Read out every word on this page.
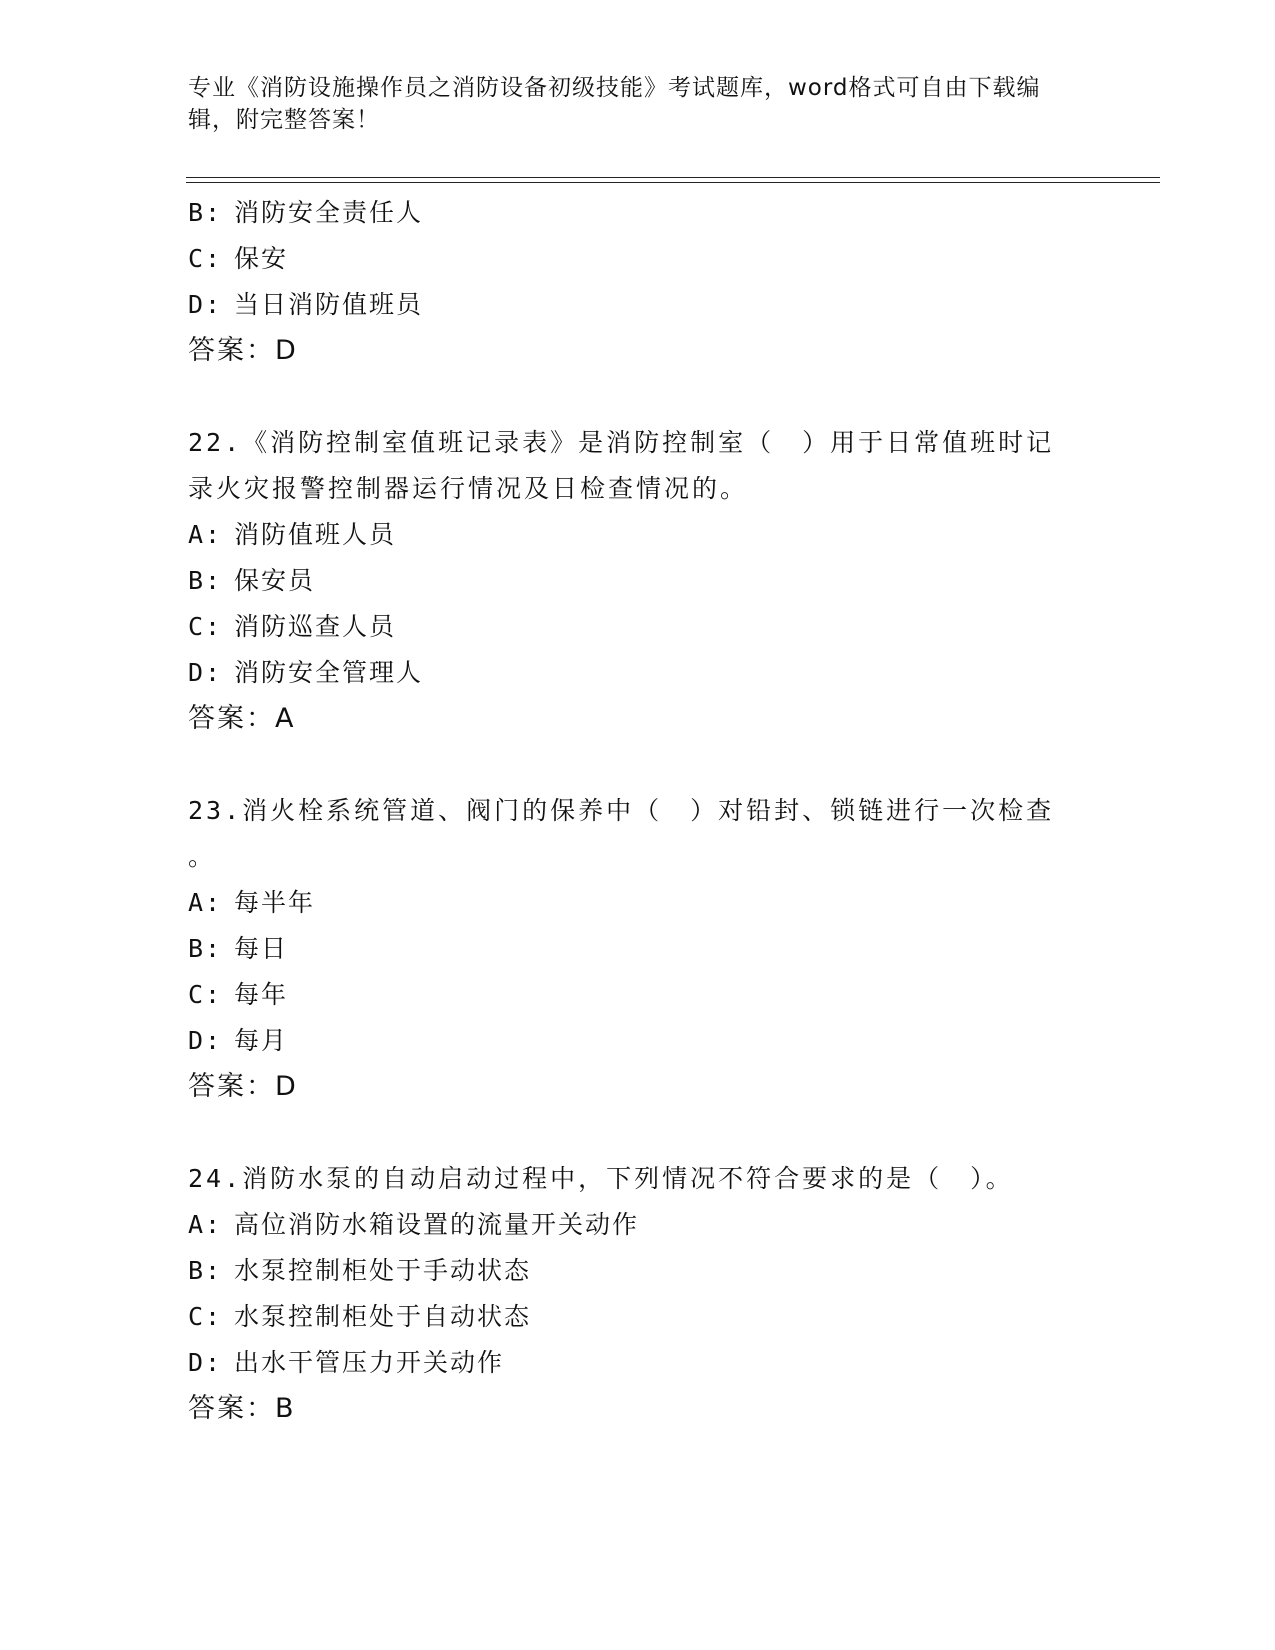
专业《消防设施操作员之消防设备初级技能》考试题库，word格式可自由下载编
辑，附完整答案！
B: 消防安全责任人
C: 保安
D: 当日消防值班员
答案：D
22.《消防控制室值班记录表》是消防控制室（　）用于日常值班时记
录火灾报警控制器运行情况及日检查情况的。
A: 消防值班人员
B: 保安员
C: 消防巡查人员
D: 消防安全管理人
答案：A
23.消火栓系统管道、阀门的保养中（　）对铅封、锁链进行一次检查
。
A: 每半年
B: 每日
C: 每年
D: 每月
答案：D
24.消防水泵的自动启动过程中，下列情况不符合要求的是（　）。
A: 高位消防水箱设置的流量开关动作
B: 水泵控制柜处于手动状态
C: 水泵控制柜处于自动状态
D: 出水干管压力开关动作
答案：B
